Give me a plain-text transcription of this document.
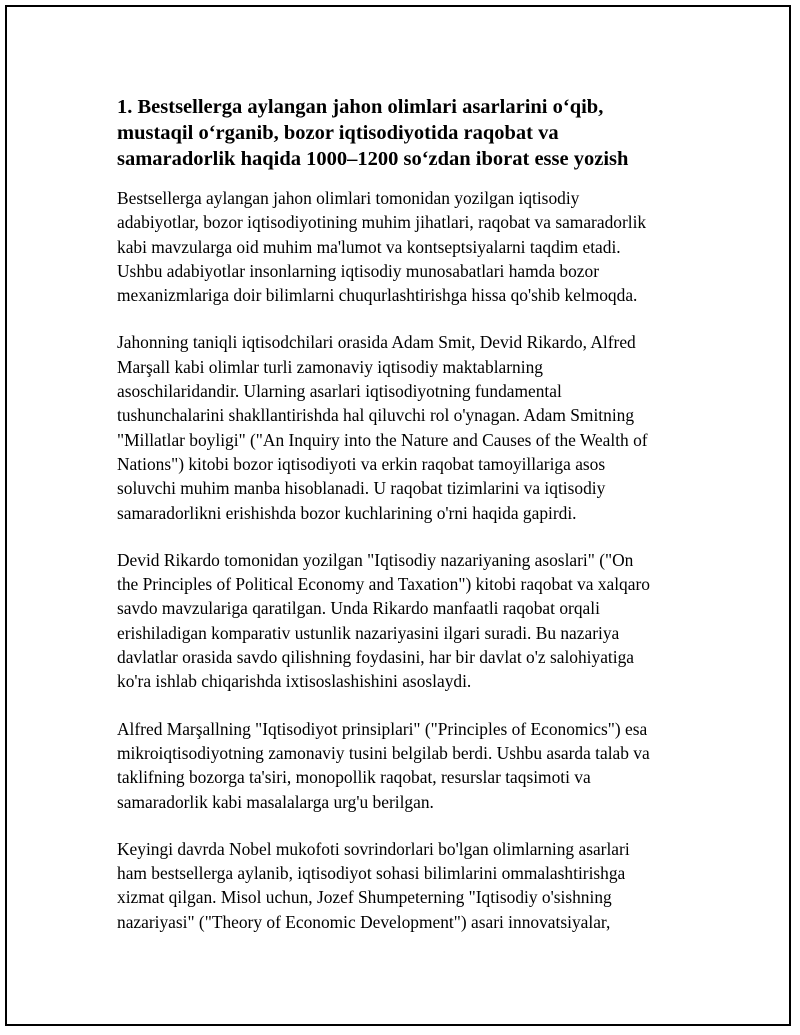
1. Bestsellerga aylangan jahon olimlari asarlarini o‘qib,
mustaqil o‘rganib, bozor iqtisodiyotida raqobat va
samaradorlik haqida 1000–1200 so‘zdan iborat esse yozish

Bestsellerga aylangan jahon olimlari tomonidan yozilgan iqtisodiy
adabiyotlar, bozor iqtisodiyotining muhim jihatlari, raqobat va samaradorlik
kabi mavzularga oid muhim ma'lumot va kontseptsiyalarni taqdim etadi.
Ushbu adabiyotlar insonlarning iqtisodiy munosabatlari hamda bozor
mexanizmlariga doir bilimlarni chuqurlashtirishga hissa qo'shib kelmoqda.

Jahonning taniqli iqtisodchilari orasida Adam Smit, Devid Rikardo, Alfred
Marşall kabi olimlar turli zamonaviy iqtisodiy maktablarning
asoschilaridandir. Ularning asarlari iqtisodiyotning fundamental
tushunchalarini shakllantirishda hal qiluvchi rol o'ynagan. Adam Smitning
"Millatlar boyligi" ("An Inquiry into the Nature and Causes of the Wealth of
Nations") kitobi bozor iqtisodiyoti va erkin raqobat tamoyillariga asos
soluvchi muhim manba hisoblanadi. U raqobat tizimlarini va iqtisodiy
samaradorlikni erishishda bozor kuchlarining o'rni haqida gapirdi.

Devid Rikardo tomonidan yozilgan "Iqtisodiy nazariyaning asoslari" ("On
the Principles of Political Economy and Taxation") kitobi raqobat va xalqaro
savdo mavzulariga qaratilgan. Unda Rikardo manfaatli raqobat orqali
erishiladigan komparativ ustunlik nazariyasini ilgari suradi. Bu nazariya
davlatlar orasida savdo qilishning foydasini, har bir davlat o'z salohiyatiga
ko'ra ishlab chiqarishda ixtisoslashishini asoslaydi.

Alfred Marşallning "Iqtisodiyot prinsiplari" ("Principles of Economics") esa
mikroiqtisodiyotning zamonaviy tusini belgilab berdi. Ushbu asarda talab va
taklifning bozorga ta'siri, monopollik raqobat, resurslar taqsimoti va
samaradorlik kabi masalalarga urg'u berilgan.

Keyingi davrda Nobel mukofoti sovrindorlari bo'lgan olimlarning asarlari
ham bestsellerga aylanib, iqtisodiyot sohasi bilimlarini ommalashtirishga
xizmat qilgan. Misol uchun, Jozef Shumpeterning "Iqtisodiy o'sishning
nazariyasi" ("Theory of Economic Development") asari innovatsiyalar,
